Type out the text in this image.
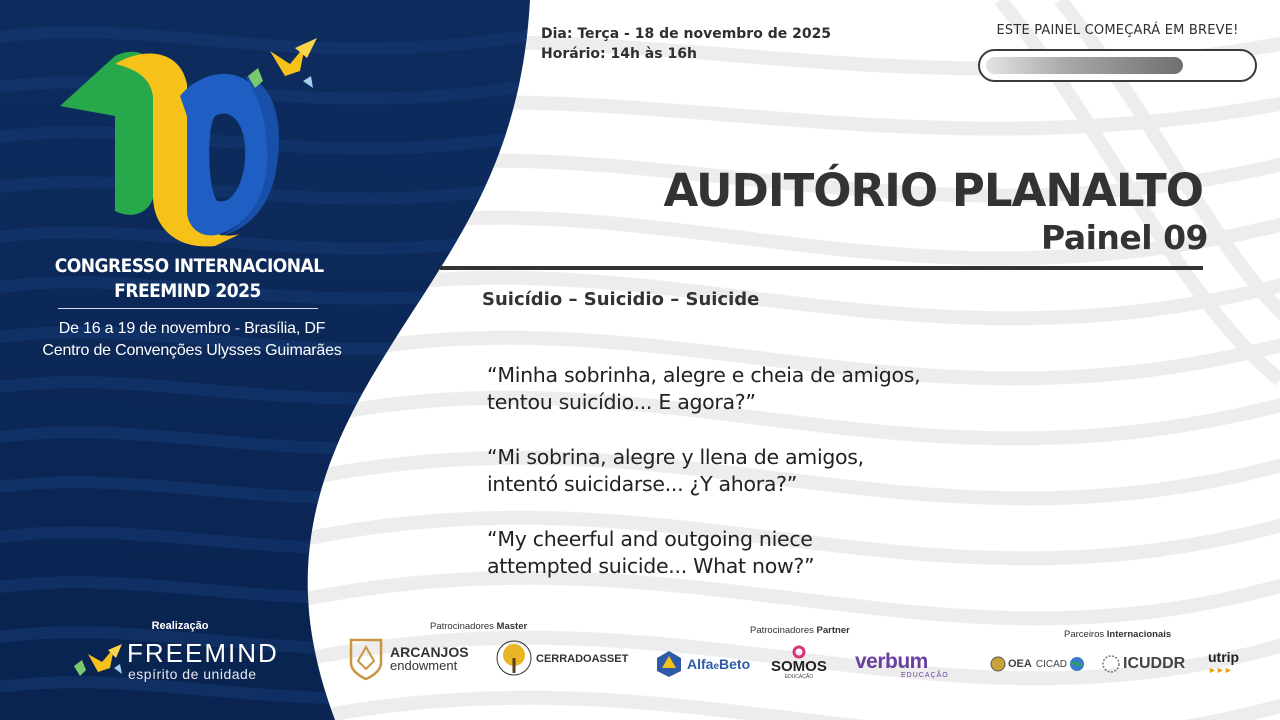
CONGRESSO INTERNACIONAL
FREEMIND 2025
De 16 a 19 de novembro - Brasília, DF
Centro de Convenções Ulysses Guimarães
Realização
FREEMIND
espírito de unidade
Dia: Terça - 18 de novembro de 2025
Horário: 14h às 16h
ESTE PAINEL COMEÇARÁ EM BREVE!
AUDITÓRIO PLANALTO
Painel 09
Suicídio – Suicidio – Suicide
“Minha sobrinha, alegre e cheia de amigos,
tentou suicídio... E agora?”
“Mi sobrina, alegre y llena de amigos,
intentó suicidarse... ¿Y ahora?”
“My cheerful and outgoing niece
attempted suicide... What now?”
Patrocinadores Master	Patrocinadores Partner	Parceiros Internacionais
ARCANJOS
endowment	CERRADOASSET	AlfaeBeto SOMOS
EDUCAÇÃO
verbum
EDUCAÇÃO
OEA CICAD	ICUDDR utrip
►►►
